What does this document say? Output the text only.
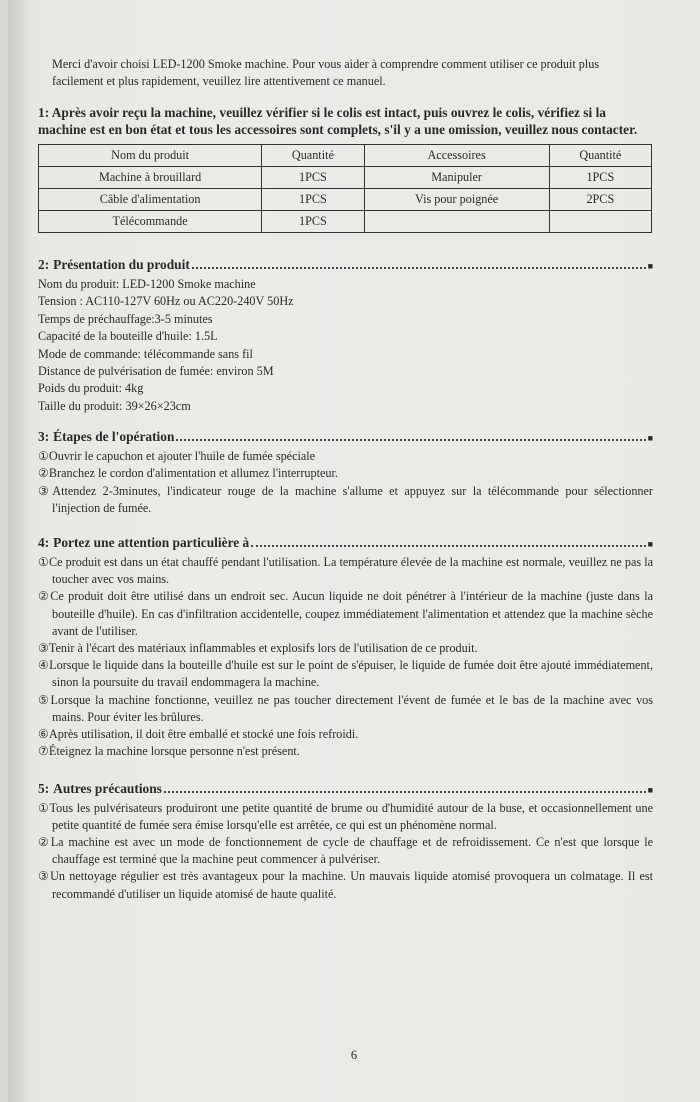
Merci d'avoir choisi LED-1200 Smoke machine. Pour vous aider à comprendre comment utiliser ce produit plus facilement et plus rapidement, veuillez lire attentivement ce manuel.

1: Après avoir reçu la machine, veuillez vérifier si le colis est intact, puis ouvrez le colis, vérifiez si la machine est en bon état et tous les accessoires sont complets, s'il y a une omission, veuillez nous contacter.

Nom du produit	Quantité	Accessoires	Quantité
Machine à brouillard	1PCS	Manipuler	1PCS
Câble d'alimentation	1PCS	Vis pour poignée	2PCS
Télécommande	1PCS		
2: Présentation du produit	■

Nom du produit: LED-1200 Smoke machine

Tension : AC110-127V 60Hz ou AC220-240V 50Hz

Temps de préchauffage:3-5 minutes

Capacité de la bouteille d'huile: 1.5L

Mode de commande: télécommande sans fil

Distance de pulvérisation de fumée: environ 5M

Poids du produit: 4kg

Taille du produit: 39×26×23cm

3: Étapes de l'opération	■

①Ouvrir le capuchon et ajouter l'huile de fumée spéciale

②Branchez le cordon d'alimentation et allumez l'interrupteur.

③Attendez 2-3minutes, l'indicateur rouge de la machine s'allume et appuyez sur la télécommande pour sélectionner l'injection de fumée.

4: Portez une attention particulière à	■

①Ce produit est dans un état chauffé pendant l'utilisation. La température élevée de la machine est normale, veuillez ne pas la toucher avec vos mains.

②Ce produit doit être utilisé dans un endroit sec. Aucun liquide ne doit pénétrer à l'intérieur de la machine (juste dans la bouteille d'huile). En cas d'infiltration accidentelle, coupez immédiatement l'alimentation et attendez que la machine sèche avant de l'utiliser.

③Tenir à l'écart des matériaux inflammables et explosifs lors de l'utilisation de ce produit.

④Lorsque le liquide dans la bouteille d'huile est sur le point de s'épuiser, le liquide de fumée doit être ajouté immédiatement, sinon la poursuite du travail endommagera la machine.

⑤Lorsque la machine fonctionne, veuillez ne pas toucher directement l'évent de fumée et le bas de la machine avec vos mains. Pour éviter les brûlures.

⑥Après utilisation, il doit être emballé et stocké une fois refroidi.

⑦Éteignez la machine lorsque personne n'est présent.

5: Autres précautions	■

①Tous les pulvérisateurs produiront une petite quantité de brume ou d'humidité autour de la buse, et occasionnellement une petite quantité de fumée sera émise lorsqu'elle est arrêtée, ce qui est un phénomène normal.

②La machine est avec un mode de fonctionnement de cycle de chauffage et de refroidissement. Ce n'est que lorsque le chauffage est terminé que la machine peut commencer à pulvériser.

③Un nettoyage régulier est très avantageux pour la machine. Un mauvais liquide atomisé provoquera un colmatage. Il est recommandé d'utiliser un liquide atomisé de haute qualité.

6
